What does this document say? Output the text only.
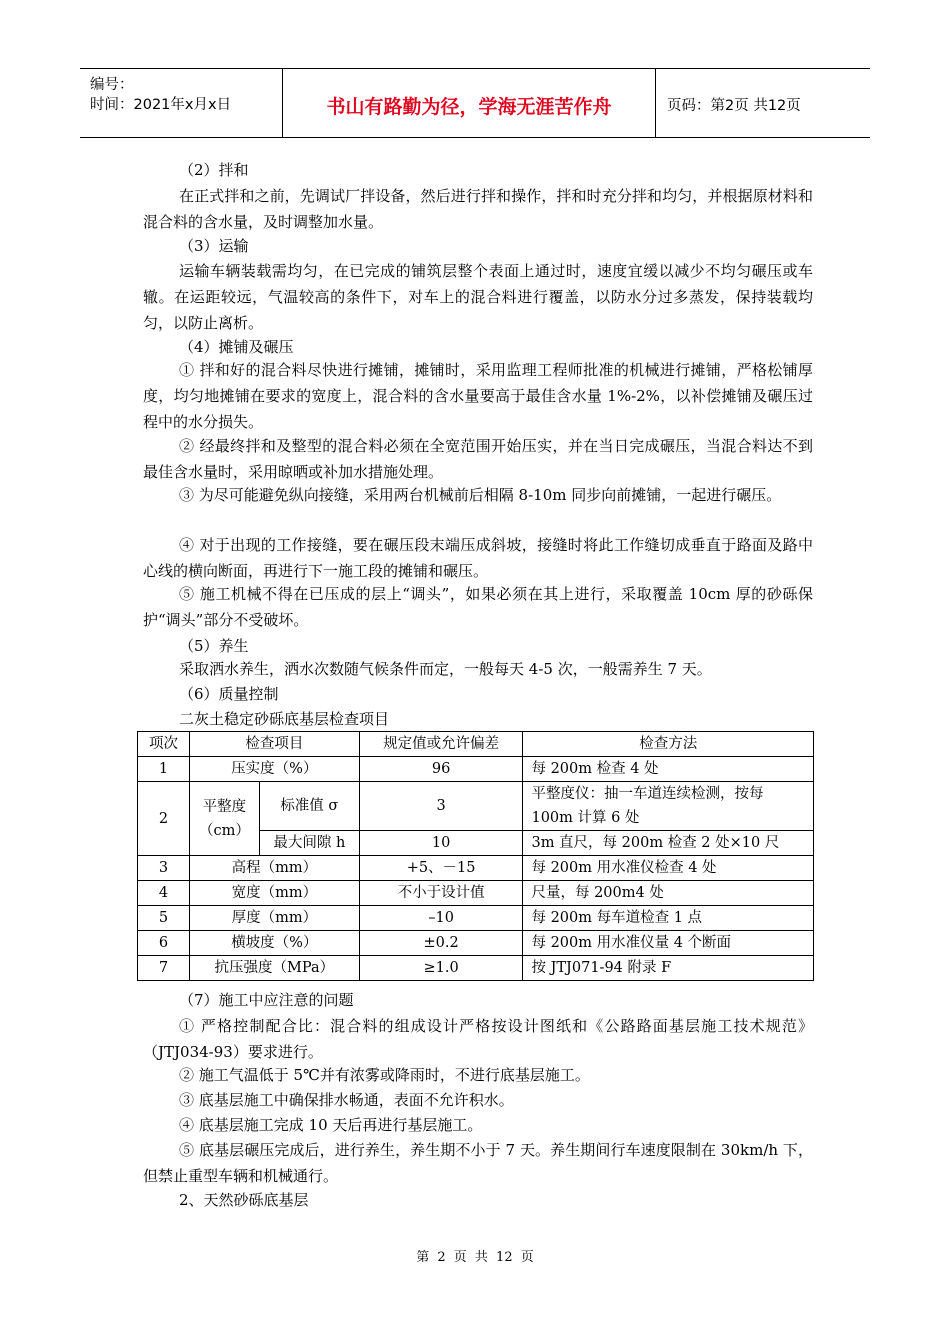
编号：
时间：2021年x月x日	书山有路勤为径，学海无涯苦作舟	页码：第2页 共12页
（2）拌和
在正式拌和之前，先调试厂拌设备，然后进行拌和操作，拌和时充分拌和均匀，并根据原材料和混合料的含水量，及时调整加水量。
（3）运输
运输车辆装载需均匀，在已完成的铺筑层整个表面上通过时，速度宜缓以减少不均匀碾压或车辙。在运距较远，气温较高的条件下，对车上的混合料进行覆盖，以防水分过多蒸发，保持装载均匀，以防止离析。
（4）摊铺及碾压
① 拌和好的混合料尽快进行摊铺，摊铺时，采用监理工程师批准的机械进行摊铺，严格松铺厚度，均匀地摊铺在要求的宽度上，混合料的含水量要高于最佳含水量 1%-2%，以补偿摊铺及碾压过程中的水分损失。
② 经最终拌和及整型的混合料必须在全宽范围开始压实，并在当日完成碾压，当混合料达不到最佳含水量时，采用晾晒或补加水措施处理。
③ 为尽可能避免纵向接缝，采用两台机械前后相隔 8-10m 同步向前摊铺，一起进行碾压。
④ 对于出现的工作接缝，要在碾压段末端压成斜坡，接缝时将此工作缝切成垂直于路面及路中心线的横向断面，再进行下一施工段的摊铺和碾压。
⑤ 施工机械不得在已压成的层上“调头”，如果必须在其上进行，采取覆盖 10cm 厚的砂砾保护“调头”部分不受破坏。
（5）养生
采取洒水养生，洒水次数随气候条件而定，一般每天 4-5 次，一般需养生 7 天。
（6）质量控制
二灰土稳定砂砾底基层检查项目
项次	检查项目		规定值或允许偏差	检查方法
1	压实度（%）		96	每 200m 检查 4 处
2	平整度（cm）	标准值 σ	3	平整度仪：抽一车道连续检测，按每 100m 计算 6 处
		最大间隙 h	10	3m 直尺，每 200m 检查 2 处×10 尺
3	高程（mm）		+5、－15	每 200m 用水准仪检查 4 处
4	宽度（mm）		不小于设计值	尺量，每 200m4 处
5	厚度（mm）		–10	每 200m 每车道检查 1 点
6	横坡度（%）		±0.2	每 200m 用水准仪量 4 个断面
7	抗压强度（MPa）		≥1.0	按 JTJ071-94 附录 F
（7）施工中应注意的问题
① 严格控制配合比：混合料的组成设计严格按设计图纸和《公路路面基层施工技术规范》（JTJ034-93）要求进行。
② 施工气温低于 5℃并有浓雾或降雨时，不进行底基层施工。
③ 底基层施工中确保排水畅通，表面不允许积水。
④ 底基层施工完成 10 天后再进行基层施工。
⑤ 底基层碾压完成后，进行养生，养生期不小于 7 天。养生期间行车速度限制在 30km/h 下，但禁止重型车辆和机械通行。
2、天然砂砾底基层
第 2 页 共 12 页
